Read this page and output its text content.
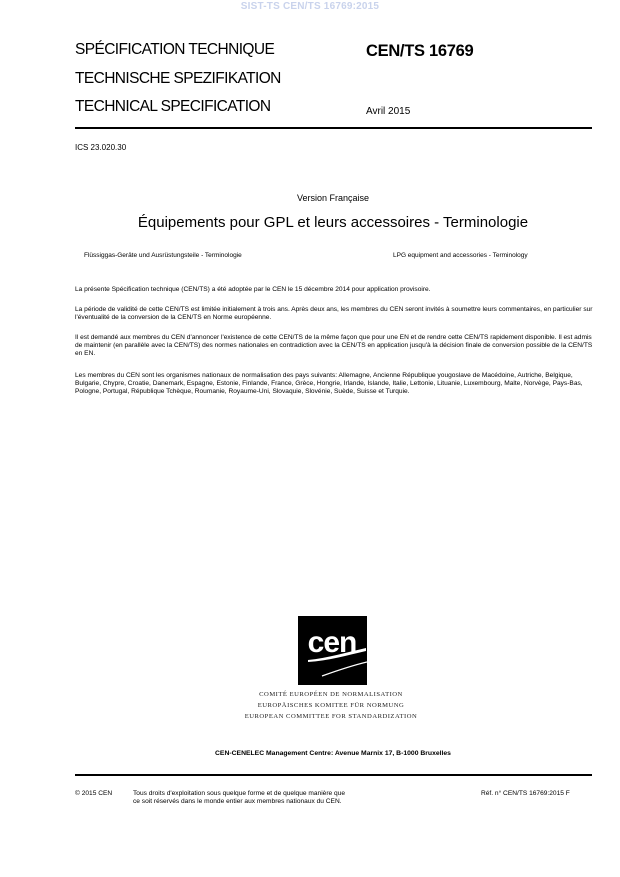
SIST-TS CEN/TS 16769:2015
SPÉCIFICATION TECHNIQUE
TECHNISCHE SPEZIFIKATION
TECHNICAL SPECIFICATION
CEN/TS 16769
Avril 2015
ICS 23.020.30
Version Française
Équipements pour GPL et leurs accessoires - Terminologie
Flüssiggas-Geräte und Ausrüstungsteile - Terminologie	LPG equipment and accessories - Terminology
La présente Spécification technique (CEN/TS) a été adoptée par le CEN le 15 décembre 2014 pour application provisoire.
La période de validité de cette CEN/TS est limitée initialement à trois ans. Après deux ans, les membres du CEN seront invités à soumettre leurs commentaires, en particulier sur l'éventualité de la conversion de la CEN/TS en Norme européenne.
Il est demandé aux membres du CEN d'annoncer l'existence de cette CEN/TS de la même façon que pour une EN et de rendre cette CEN/TS rapidement disponible. Il est admis de maintenir (en parallèle avec la CEN/TS) des normes nationales en contradiction avec la CEN/TS en application jusqu'à la décision finale de conversion possible de la CEN/TS en EN.
Les membres du CEN sont les organismes nationaux de normalisation des pays suivants: Allemagne, Ancienne République yougoslave de Macédoine, Autriche, Belgique, Bulgarie, Chypre, Croatie, Danemark, Espagne, Estonie, Finlande, France, Grèce, Hongrie, Irlande, Islande, Italie, Lettonie, Lituanie, Luxembourg, Malte, Norvège, Pays-Bas, Pologne, Portugal, République Tchèque, Roumanie, Royaume-Uni, Slovaquie, Slovénie, Suède, Suisse et Turquie.
cen
COMITÉ EUROPÉEN DE NORMALISATION
EUROPÄISCHES KOMITEE FÜR NORMUNG
EUROPEAN COMMITTEE FOR STANDARDIZATION
CEN-CENELEC Management Centre: Avenue Marnix 17, B-1000 Bruxelles
© 2015 CEN	Tous droits d'exploitation sous quelque forme et de quelque manière que
ce soit réservés dans le monde entier aux membres nationaux du CEN.
Réf. n° CEN/TS 16769:2015 F
